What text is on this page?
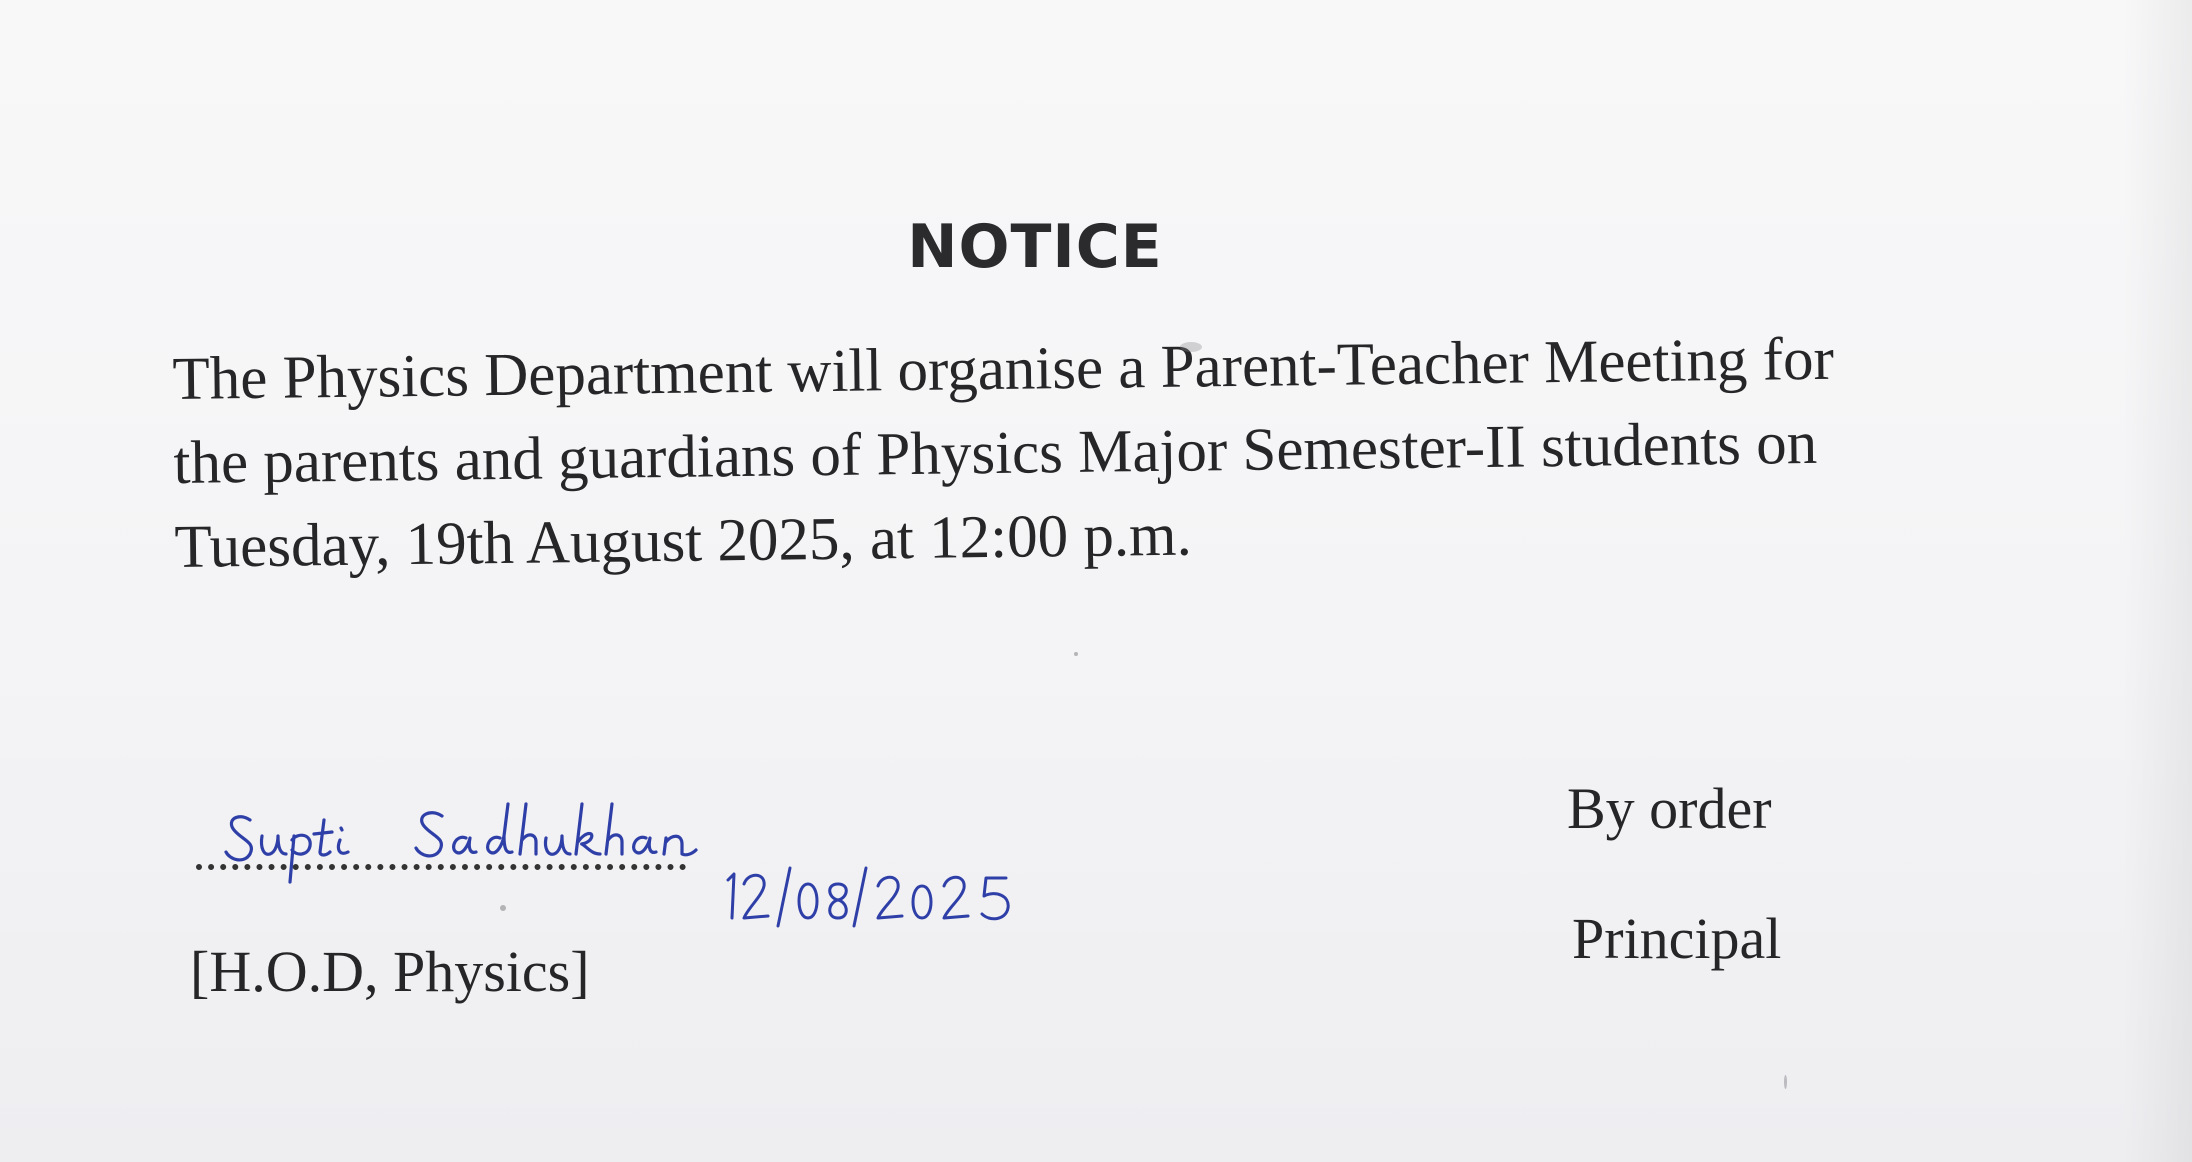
NOTICE

The Physics Department will organise a Parent-Teacher Meeting for
the parents and guardians of Physics Major Semester-II students on
Tuesday, 19th August 2025, at 12:00 p.m.

[H.O.D, Physics]
By order
Principal
